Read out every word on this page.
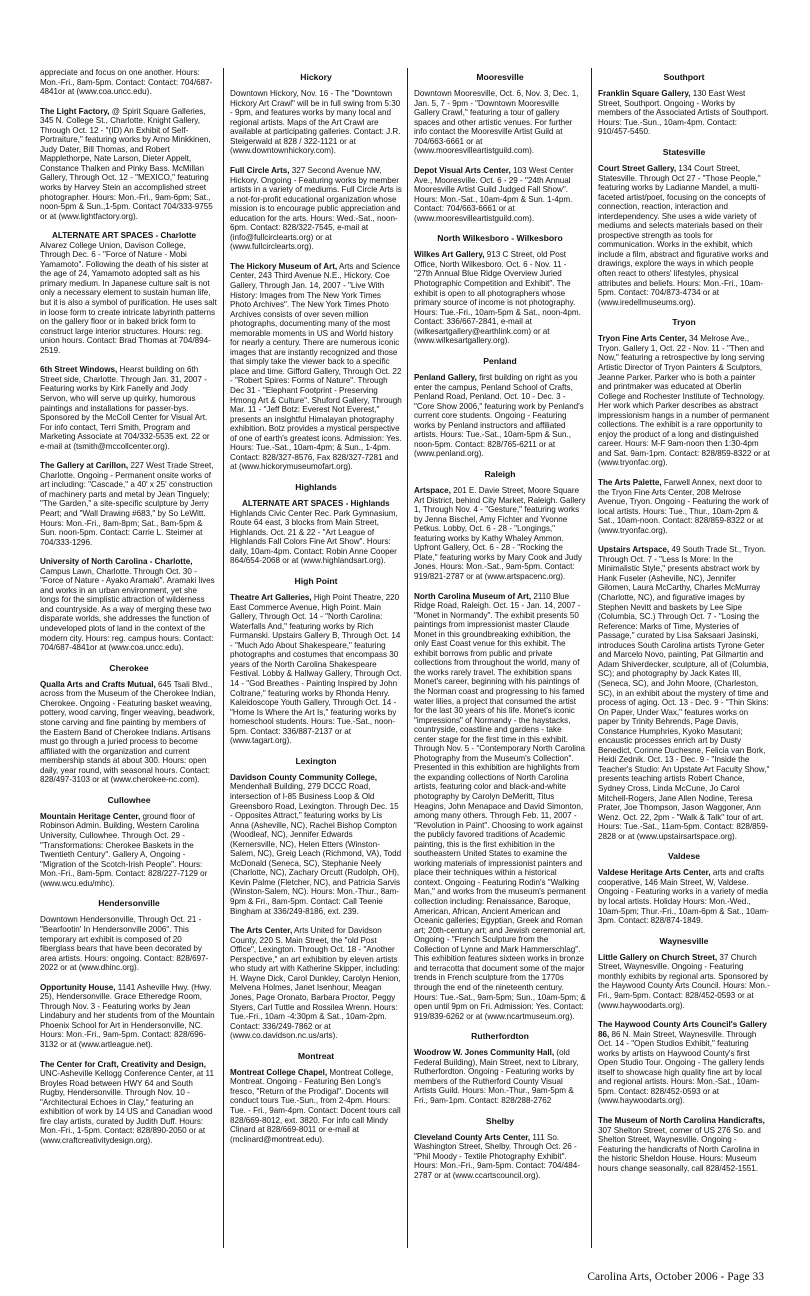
appreciate and focus on one another. Hours: Mon.-Fri., 8am-5pm. Contact: Contact: 704/687-4841or at (www.coa.uncc.edu).
The Light Factory, @ Spirit Square Galleries, 345 N. College St., Charlotte. Knight Gallery, Through Oct. 12 - "(ID) An Exhibit of Self-Portraiture," featuring works by Arno Minkkinen, Judy Dater, Bill Thomas, and Robert Mapplethorpe, Nate Larson, Dieter Appelt, Constance Thalken and Pinky Bass. McMillan Gallery, Through Oct. 12 - "MEXICO," featuring works by Harvey Stein an accomplished street photographer. Hours: Mon.-Fri., 9am-6pm; Sat., noon-5pm & Sun.,1-5pm. Contact 704/333-9755 or at (www.lightfactory.org).
ALTERNATE ART SPACES - Charlotte Alvarez College Union, Davison College, Through Dec. 6 - "Force of Nature - Mobi Yamamoto". Following the death of his sister at the age of 24, Yamamoto adopted salt as his primary medium. In Japanese culture salt is not only a necessary element to sustain human life, but it is also a symbol of purification. He uses salt in loose form to create intricate labyrinth patterns on the gallery floor or in baked brick form to construct large interior structures. Hours: reg. union hours. Contact: Brad Thomas at 704/894-2519.
6th Street Windows, Hearst building on 6th Street side, Charlotte. Through Jan. 31, 2007 - Featuring works by Kirk Fanelly and Jody Servon, who will serve up quirky, humorous paintings and installations for passer-bys. Sponsored by the McColl Center for Visual Art. For info contact, Terri Smith, Program and Marketing Associate at 704/332-5535 ext. 22 or e-mail at (tsmith@mccollcenter.org).
The Gallery at Carillon, 227 West Trade Street, Charlotte. Ongoing - Permanent onsite works of art including: "Cascade," a 40' x 25' construction of machinery parts and metal by Jean Tinguely; "The Garden," a site-specific sculpture by Jerry Peart; and "Wall Drawing #683," by So LeWitt. Hours: Mon.-Fri., 8am-8pm; Sat., 8am-5pm & Sun. noon-5pm. Contact: Carrie L. Steimer at 704/333-1296.
University of North Carolina - Charlotte, Campus Lawn, Charlotte. Through Oct. 30 - "Force of Nature - Ayako Aramaki". Aramaki lives and works in an urban environment, yet she longs for the simplistic attraction of wilderness and countryside. As a way of merging these two disparate worlds, she addresses the function of undeveloped plots of land in the context of the modern city. Hours: reg. campus hours. Contact: 704/687-4841or at (www.coa.uncc.edu).
Cherokee
Qualla Arts and Crafts Mutual, 645 Tsali Blvd., across from the Museum of the Cherokee Indian, Cherokee. Ongoing - Featuring basket weaving, pottery, wood carving, finger weaving, beadwork, stone carving and fine painting by members of the Eastern Band of Cherokee Indians. Artisans must go through a juried process to become affiliated with the organization and current membership stands at about 300. Hours: open daily, year round, with seasonal hours. Contact: 828/497-3103 or at (www.cherokee-nc.com).
Cullowhee
Mountain Heritage Center, ground floor of Robinson Admin. Building, Western Carolina University, Cullowhee. Through Oct. 29 - "Transformations: Cherokee Baskets in the Twentieth Century". Gallery A, Ongoing - "Migration of the Scotch-Irish People". Hours: Mon.-Fri., 8am-5pm. Contact: 828/227-7129 or (www.wcu.edu/mhc).
Hendersonville
Downtown Hendersonville, Through Oct. 21 - "Bearfootin' In Hendersonville 2006". This temporary art exhibit is composed of 20 fiberglass bears that have been decorated by area artists. Hours: ongoing. Contact: 828/697-2022 or at (www.dhinc.org).
Opportunity House, 1141 Asheville Hwy. (Hwy. 25), Hendersonville. Grace Etheredge Room, Through Nov. 3 - Featuring works by Jean Lindabury and her students from of the Mountain Phoenix School for Art in Hendersonville, NC. Hours: Mon.-Fri., 9am-5pm. Contact: 828/696-3132 or at (www.artleague.net).
The Center for Craft, Creativity and Design, UNC-Asheville Kellogg Conference Center, at 11 Broyles Road between HWY 64 and South Rugby, Hendersonville. Through Nov. 10 - "Architectural Echoes in Clay," featuring an exhibition of work by 14 US and Canadian wood fire clay artists, curated by Judith Duff. Hours: Mon.-Fri., 1-5pm. Contact: 828/890-2050 or at (www.craftcreativitydesign.org).
Hickory
Downtown Hickory, Nov. 16 - The "Downtown Hickory Art Crawl" will be in full swing from 5:30 - 9pm, and features works by many local and regional artists. Maps of the Art Crawl are available at participating galleries. Contact: J.R. Steigerwald at 828 / 322-1121 or at (www.downtownhickory.com).
Full Circle Arts, 327 Second Avenue NW, Hickory. Ongoing - Featuring works by member artists in a variety of mediums. Full Circle Arts is a not-for-profit educational organization whose mission is to encourage public appreciation and education for the arts. Hours: Wed.-Sat., noon-6pm. Contact: 828/322-7545, e-mail at (info@fullcirclearts.org) or at (www.fullcirclearts.org).
The Hickory Museum of Art, Arts and Science Center, 243 Third Avenue N.E., Hickory. Coe Gallery, Through Jan. 14, 2007 - "Live With History: Images from The New York Times Photo Archives". The New York Times Photo Archives consists of over seven million photographs, documenting many of the most memorable moments in US and World history for nearly a century. There are numerous iconic images that are instantly recognized and those that simply take the viewer back to a specific place and time. Gifford Gallery, Through Oct. 22 - "Robert Spires: Forms of Nature". Through Dec 31 - "Elephant Footprint - Preserving Hmong Art & Culture". Shuford Gallery, Through Mar. 11 - "Jeff Botz: Everest Not Everest," presents an insightful Himalayan photography exhibition. Botz provides a mystical perspective of one of earth's greatest icons. Admission: Yes. Hours: Tue.-Sat., 10am-4pm; & Sun., 1-4pm. Contact: 828/327-8576, Fax 828/327-7281 and at (www.hickorymuseumofart.org).
Highlands
ALTERNATE ART SPACES - Highlands Highlands Civic Center Rec. Park Gymnasium, Route 64 east, 3 blocks from Main Street, Highlands. Oct. 21 & 22 - "Art League of Highlands Fall Colors Fine Art Show". Hours: daily, 10am-4pm. Contact: Robin Anne Cooper 864/654-2068 or at (www.highlandsart.org).
High Point
Theatre Art Galleries, High Point Theatre, 220 East Commerce Avenue, High Point. Main Gallery, Through Oct. 14 - "North Carolina: Waterfalls And," featuring works by Rich Furmanski. Upstairs Gallery B, Through Oct. 14 - "Much Ado About Shakespeare," featuring photographs and costumes that encompass 30 years of the North Carolina Shakespeare Festival. Lobby & Hallway Gallery, Through Oct. 14 - "God Breathes - Painting Inspired by John Coltrane," featuring works by Rhonda Henry. Kaleidoscope Youth Gallery, Through Oct. 14 - "Home Is Where the Art Is," featuring works by homeschool students. Hours: Tue.-Sat., noon-5pm. Contact: 336/887-2137 or at (www.tagart.org).
Lexington
Davidson County Community College, Mendenhall Building, 279 DCCC Road, intersection of I-85 Business Loop & Old Greensboro Road, Lexington. Through Dec. 15 - Opposites Attract," featuring works by Lis Anna (Asheville, NC), Rachel Bishop Compton (Woodleaf, NC), Jennifer Edwards (Kernersville, NC), Helen Etters (Winston-Salem, NC), Greig Leach (Richmond, VA), Todd McDonald (Seneca, SC), Stephanie Neely (Charlotte, NC), Zachary Orcutt (Rudolph, OH), Kevin Palme (Fletcher, NC), and Patricia Sarvis (Winston-Salem, NC). Hours: Mon.-Thur., 8am-9pm & Fri., 8am-5pm. Contact: Call Teenie Bingham at 336/249-8186, ext. 239.
The Arts Center, Arts United for Davidson County, 220 S. Main Street, the "old Post Office", Lexington. Through Oct. 18 - "Another Perspective," an art exhibition by eleven artists who study art with Katherine Skipper, including: H. Wayne Dick, Carol Dunkley, Carolyn Henion, Melvena Holmes, Janet Isenhour, Meagan Jones, Page Oronato, Barbara Proctor, Peggy Styers, Carl Tuttle and Rossilea Wrenn. Hours: Tue.-Fri., 10am -4:30pm & Sat., 10am-2pm. Contact: 336/249-7862 or at (www.co.davidson.nc.us/arts).
Montreat
Montreat College Chapel, Montreat College, Montreat. Ongoing - Featuring Ben Long's fresco, "Return of the Prodigal". Docents will conduct tours Tue.-Sun., from 2-4pm. Hours: Tue. - Fri., 9am-4pm. Contact: Docent tours call 828/669-8012, ext. 3820. For info call Mindy Clinard at 828/669-8011 or e-mail at (mclinard@montreat.edu).
Mooresville
Downtown Mooresville, Oct. 6, Nov. 3, Dec. 1, Jan. 5, 7 - 9pm - "Downtown Mooresville Gallery Crawl," featuring a tour of gallery spaces and other artistic venues. For further info contact the Mooresville Artist Guild at 704/663-6661 or at (www.mooresvilleartistguild.com).
Depot Visual Arts Center, 103 West Center Ave., Mooresville. Oct. 6 - 29 - "24th Annual Mooresville Artist Guild Judged Fall Show". Hours: Mon.-Sat., 10am-4pm & Sun. 1-4pm. Contact: 704/663-6661 or at (www.mooresvilleartistguild.com).
North Wilkesboro - Wilkesboro
Wilkes Art Gallery, 913 C Street, old Post Office, North Wilkesboro. Oct. 6 - Nov. 11 - "27th Annual Blue Ridge Overview Juried Photographic Competition and Exhibit". The exhibit is open to all photographers whose primary source of income is not photography. Hours: Tue.-Fri., 10am-5pm & Sat., noon-4pm. Contact: 336/667-2841, e-mail at (wilkesartgallery@earthlink.com) or at (www.wilkesartgallery.org).
Penland
Penland Gallery, first building on right as you enter the campus, Penland School of Crafts, Penland Road, Penland. Oct. 10 - Dec. 3 - "Core Show 2006," featuring work by Penland's current core students. Ongoing - Featuring works by Penland instructors and affiliated artists. Hours: Tue.-Sat., 10am-5pm & Sun., noon-5pm. Contact: 828/765-6211 or at (www.penland.org).
Raleigh
Artspace, 201 E. Davie Street, Moore Square Art District, behind City Market, Raleigh. Gallery 1, Through Nov. 4 - "Gesture," featuring works by Jenna Bischel, Amy Fichter and Yvonne Petkus. Lobby, Oct. 6 - 28 - "Longings," featuring works by Kathy Whaley Ammon. Upfront Gallery, Oct. 6 - 28 - "Rocking the Plate," featuring works by Mary Cook and Judy Jones. Hours: Mon.-Sat., 9am-5pm. Contact: 919/821-2787 or at (www.artspacenc.org).
North Carolina Museum of Art, 2110 Blue Ridge Road, Raleigh. Oct. 15 - Jan. 14, 2007 - "Monet in Normandy". The exhibit presents 50 paintings from impressionist master Claude Monet in this groundbreaking exhibition, the only East Coast venue for this exhibit. The exhibit borrows from public and private collections from throughout the world, many of the works rarely travel. The exhibition spans Monet's career, beginning with his paintings of the Norman coast and progressing to his famed water lilies, a project that consumed the artist for the last 30 years of his life. Monet's iconic "impressions" of Normandy - the haystacks, countryside, coastline and gardens - take center stage for the first time in this exhibit. Through Nov. 5 - "Contemporary North Carolina Photography from the Museum's Collection". Presented in this exhibition are highlights from the expanding collections of North Carolina artists, featuring color and black-and-white photography by Carolyn DeMeritt, Titus Heagins, John Menapace and David Simonton, among many others. Through Feb. 11, 2007 - "Revolution in Paint". Choosing to work against the publicly favored traditions of Academic painting, this is the first exhibition in the southeastern United States to examine the working materials of impressionist painters and place their techniques within a historical context. Ongoing - Featuring Rodin's "Walking Man," and works from the museum's permanent collection including: Renaissance, Baroque, American, African, Ancient American and Oceanic galleries; Egyptian, Greek and Roman art; 20th-century art; and Jewish ceremonial art. Ongoing - "French Sculpture from the Collection of Lynne and Mark Hammerschlag". This exhibition features sixteen works in bronze and terracotta that document some of the major trends in French sculpture from the 1770s through the end of the nineteenth century. Hours: Tue.-Sat., 9am-5pm; Sun., 10am-5pm; & open until 9pm on Fri. Admission: Yes. Contact: 919/839-6262 or at (www.ncartmuseum.org).
Rutherfordton
Woodrow W. Jones Community Hall, (old Federal Building), Main Street, next to Library, Rutherfordton. Ongoing - Featuring works by members of the Rutherford County Visual Artists Guild. Hours: Mon.-Thur., 9am-5pm & Fri., 9am-1pm. Contact: 828/288-2762
Shelby
Cleveland County Arts Center, 111 So. Washington Street, Shelby. Through Oct. 26 - "Phil Moody - Textile Photography Exhibit". Hours: Mon.-Fri., 9am-5pm. Contact: 704/484-2787 or at (www.ccartscouncil.org).
Southport
Franklin Square Gallery, 130 East West Street, Southport. Ongoing - Works by members of the Associated Artists of Southport. Hours: Tue.-Sun., 10am-4pm. Contact: 910/457-5450.
Statesville
Court Street Gallery, 134 Court Street, Statesville. Through Oct 27 - "Those People," featuring works by Ladianne Mandel, a multi-faceted artist/poet, focusing on the concepts of connection, reaction, interaction and interdependency. She uses a wide variety of mediums and selects materials based on their prospective strength as tools for communication. Works in the exhibit, which include a film, abstract and figurative works and drawings, explore the ways in which people often react to others' lifestyles, physical attributes and beliefs. Hours: Mon.-Fri., 10am-5pm. Contact: 704/873-4734 or at (www.iredellmuseums.org).
Tryon
Tryon Fine Arts Center, 34 Melrose Ave., Tryon. Gallery 1, Oct. 22 - Nov. 11 - "Then and Now," featuring a retrospective by long serving Artistic Director of Tryon Painters & Sculptors, Jeanne Parker. Parker who is both a painter and printmaker was educated at Oberlin College and Rochester Institute of Technology. Her work which Parker describes as abstract impressionism hangs in a number of permanent collections. The exhibit is a rare opportunity to enjoy the product of a long and distinguished career. Hours: M-F 9am-noon then 1:30-4pm and Sat. 9am-1pm. Contact: 828/859-8322 or at (www.tryonfac.org).
The Arts Palette, Farwell Annex, next door to the Tryon Fine Arts Center, 208 Melrose Avenue, Tryon. Ongoing - Featuring the work of local artists. Hours: Tue., Thur., 10am-2pm & Sat., 10am-noon. Contact: 828/859-8322 or at (www.tryonfac.org).
Upstairs Artspace, 49 South Trade St., Tryon. Through Oct. 7 - "Less Is More: In the Minimalistic Style," presents abstract work by Hank Fuseler (Asheville, NC), Jennifer Gilomen, Laura McCarthy, Charles McMurray (Charlotte, NC), and figurative images by Stephen Nevitt and baskets by Lee Sipe (Columbia, SC.) Through Oct. 7 - "Losing the Reference: Marks of Time, Mysteries of Passage," curated by Lisa Saksaari Jasinski, introduces South Carolina artists Tyrone Geter and Marcelo Novo, painting, Pat Gilmartin and Adam Shiverdecker, sculpture, all of (Columbia, SC); and photography by Jack Kates III, (Seneca, SC), and John Moore, (Charleston, SC), in an exhibit about the mystery of time and process of aging. Oct. 13 - Dec. 9 - "Thin Skins: On Paper, Under Wax," features works on paper by Trinity Behrends, Page Davis, Constance Humphries, Kyoko Masutani; encaustic processes enrich art by Dusty Benedict, Corinne Duchesne, Felicia van Bork, Heidi Zednik. Oct. 13 - Dec. 9 - "Inside the Teacher's Studio: An Upstate Art Faculty Show," presents teaching artists Robert Chance, Sydney Cross, Linda McCune, Jo Carol Mitchell-Rogers, Jane Allen Nodine, Teresa Prater, Joe Thompson, Jason Waggoner, Ann Wenz. Oct. 22, 2pm - "Walk & Talk" tour of art. Hours: Tue.-Sat., 11am-5pm. Contact: 828/859-2828 or at (www.upstairsartspace.org).
Valdese
Valdese Heritage Arts Center, arts and crafts cooperative, 146 Main Street, W, Valdese. Ongoing - Featuring works in a variety of media by local artists. Holiday Hours: Mon.-Wed., 10am-5pm; Thur.-Fri., 10am-6pm & Sat., 10am-3pm. Contact: 828/874-1849.
Waynesville
Little Gallery on Church Street, 37 Church Street, Waynesville. Ongoing - Featuring monthly exhibits by regional arts. Sponsored by the Haywood County Arts Council. Hours: Mon.-Fri., 9am-5pm. Contact: 828/452-0593 or at (www.haywoodarts.org).
The Haywood County Arts Council's Gallery 86, 86 N. Main Street, Waynesville. Through Oct. 14 - "Open Studios Exhibit," featuring works by artists on Haywood County's first Open Studio Tour. Ongoing - The gallery lends itself to showcase high quality fine art by local and regional artists. Hours: Mon.-Sat., 10am-5pm. Contact: 828/452-0593 or at (www.haywoodarts.org).
The Museum of North Carolina Handicrafts, 307 Shelton Street, corner of US 276 So. and Shelton Street, Waynesville. Ongoing - Featuring the handicrafts of North Carolina in the historic Sheldon House. Hours: Museum hours change seasonally, call 828/452-1551.
Carolina Arts, October 2006 - Page 33
